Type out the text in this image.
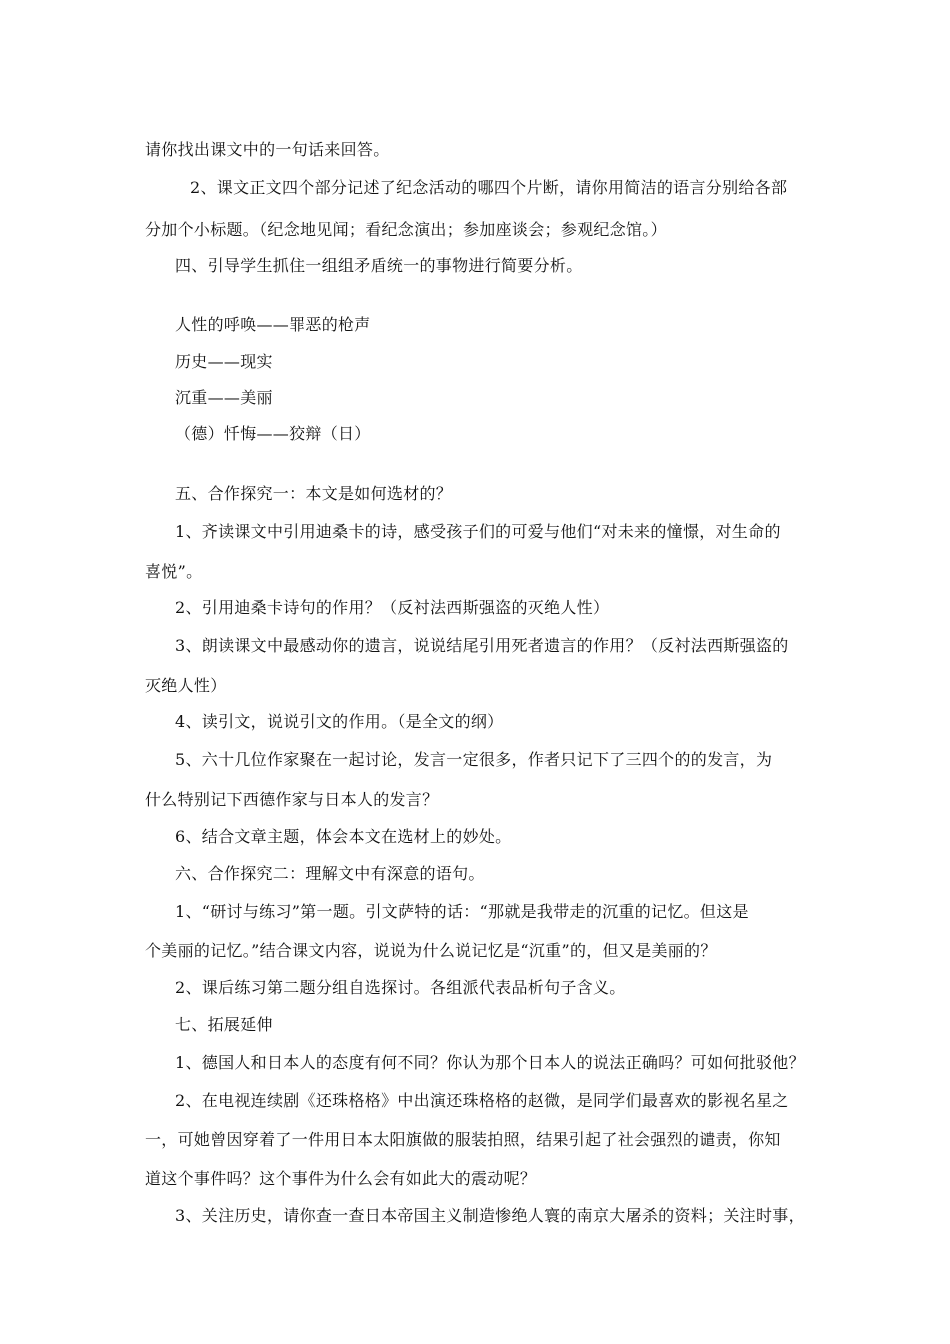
请你找出课文中的一句话来回答。

2、课文正文四个部分记述了纪念活动的哪四个片断，请你用简洁的语言分别给各部

分加个小标题。（纪念地见闻；看纪念演出；参加座谈会；参观纪念馆。）

四、引导学生抓住一组组矛盾统一的事物进行简要分析。

人性的呼唤——罪恶的枪声

历史——现实

沉重——美丽

（德）忏悔——狡辩（日）

五、合作探究一：本文是如何选材的？

1、齐读课文中引用迪桑卡的诗，感受孩子们的可爱与他们“对未来的憧憬，对生命的

喜悦”。

2、引用迪桑卡诗句的作用？（反衬法西斯强盗的灭绝人性）

3、朗读课文中最感动你的遗言，说说结尾引用死者遗言的作用？（反衬法西斯强盗的

灭绝人性）

4、读引文，说说引文的作用。（是全文的纲）

5、六十几位作家聚在一起讨论，发言一定很多，作者只记下了三四个的的发言，为

什么特别记下西德作家与日本人的发言？

6、结合文章主题，体会本文在选材上的妙处。

六、合作探究二：理解文中有深意的语句。

1、“研讨与练习”第一题。引文萨特的话：“那就是我带走的沉重的记忆。但这是

个美丽的记忆。”结合课文内容，说说为什么说记忆是“沉重”的，但又是美丽的？

2、课后练习第二题分组自选探讨。各组派代表品析句子含义。

七、拓展延伸

1、德国人和日本人的态度有何不同？你认为那个日本人的说法正确吗？可如何批驳他？

2、在电视连续剧《还珠格格》中出演还珠格格的赵微，是同学们最喜欢的影视名星之

一，可她曾因穿着了一件用日本太阳旗做的服装拍照，结果引起了社会强烈的谴责，你知

道这个事件吗？这个事件为什么会有如此大的震动呢？

3、关注历史，请你查一查日本帝国主义制造惨绝人寰的南京大屠杀的资料；关注时事，
